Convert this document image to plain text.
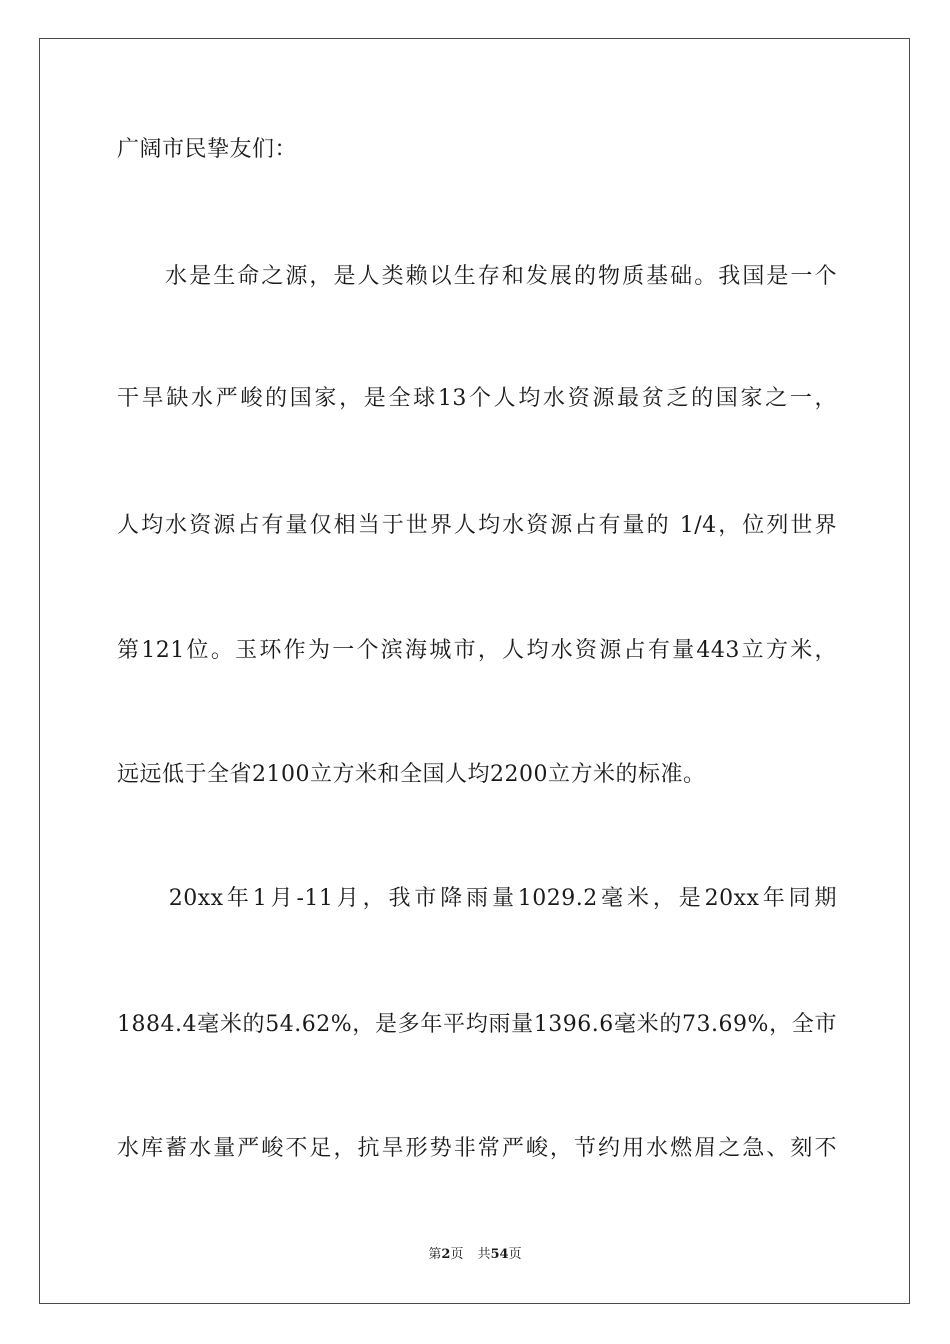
广阔市民挚友们：
　　水是生命之源，是人类赖以生存和发展的物质基础。我国是一个
干旱缺水严峻的国家，是全球13个人均水资源最贫乏的国家之一，
人均水资源占有量仅相当于世界人均水资源占有量的 1/4，位列世界
第121位。玉环作为一个滨海城市，人均水资源占有量443立方米，
远远低于全省2100立方米和全国人均2200立方米的标准。
　　20xx年1月-11月，我市降雨量1029.2毫米，是20xx年同期
1884.4毫米的54.62%，是多年平均雨量1396.6毫米的73.69%，全市
水库蓄水量严峻不足，抗旱形势非常严峻，节约用水燃眉之急、刻不
第2页 共54页
